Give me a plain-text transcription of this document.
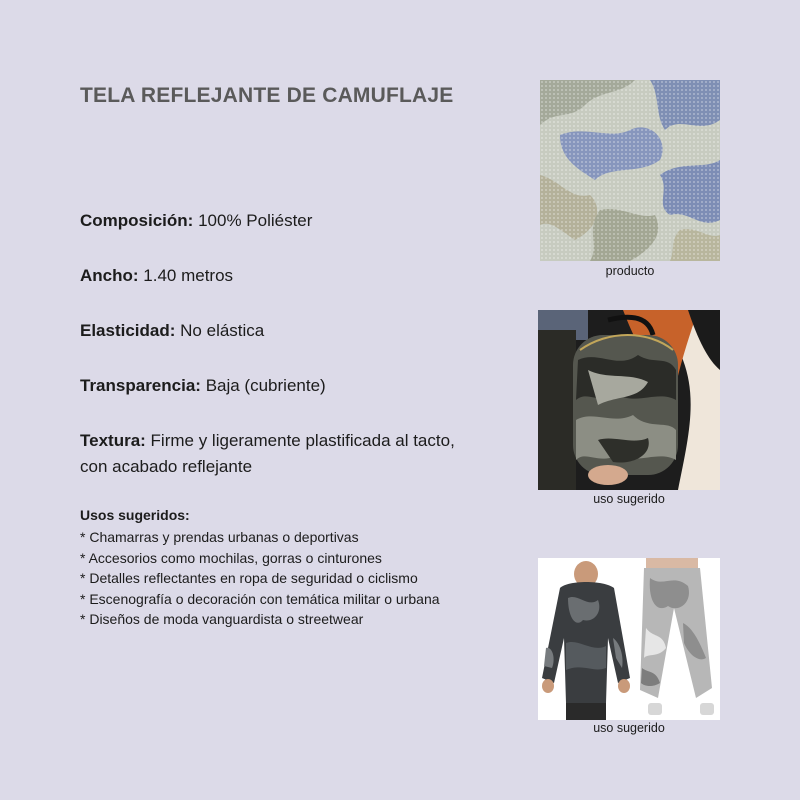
TELA REFLEJANTE DE CAMUFLAJE
Composición: 100% Poliéster
Ancho: 1.40 metros
Elasticidad: No elástica
Transparencia: Baja (cubriente)
Textura: Firme y ligeramente plastificada al tacto,
con acabado reflejante
Usos sugeridos:
* Chamarras y prendas urbanas o deportivas
* Accesorios como mochilas, gorras o cinturones
* Detalles reflectantes en ropa de seguridad o ciclismo
* Escenografía o decoración con temática militar o urbana
* Diseños de moda vanguardista o streetwear
producto
uso sugerido
uso sugerido
